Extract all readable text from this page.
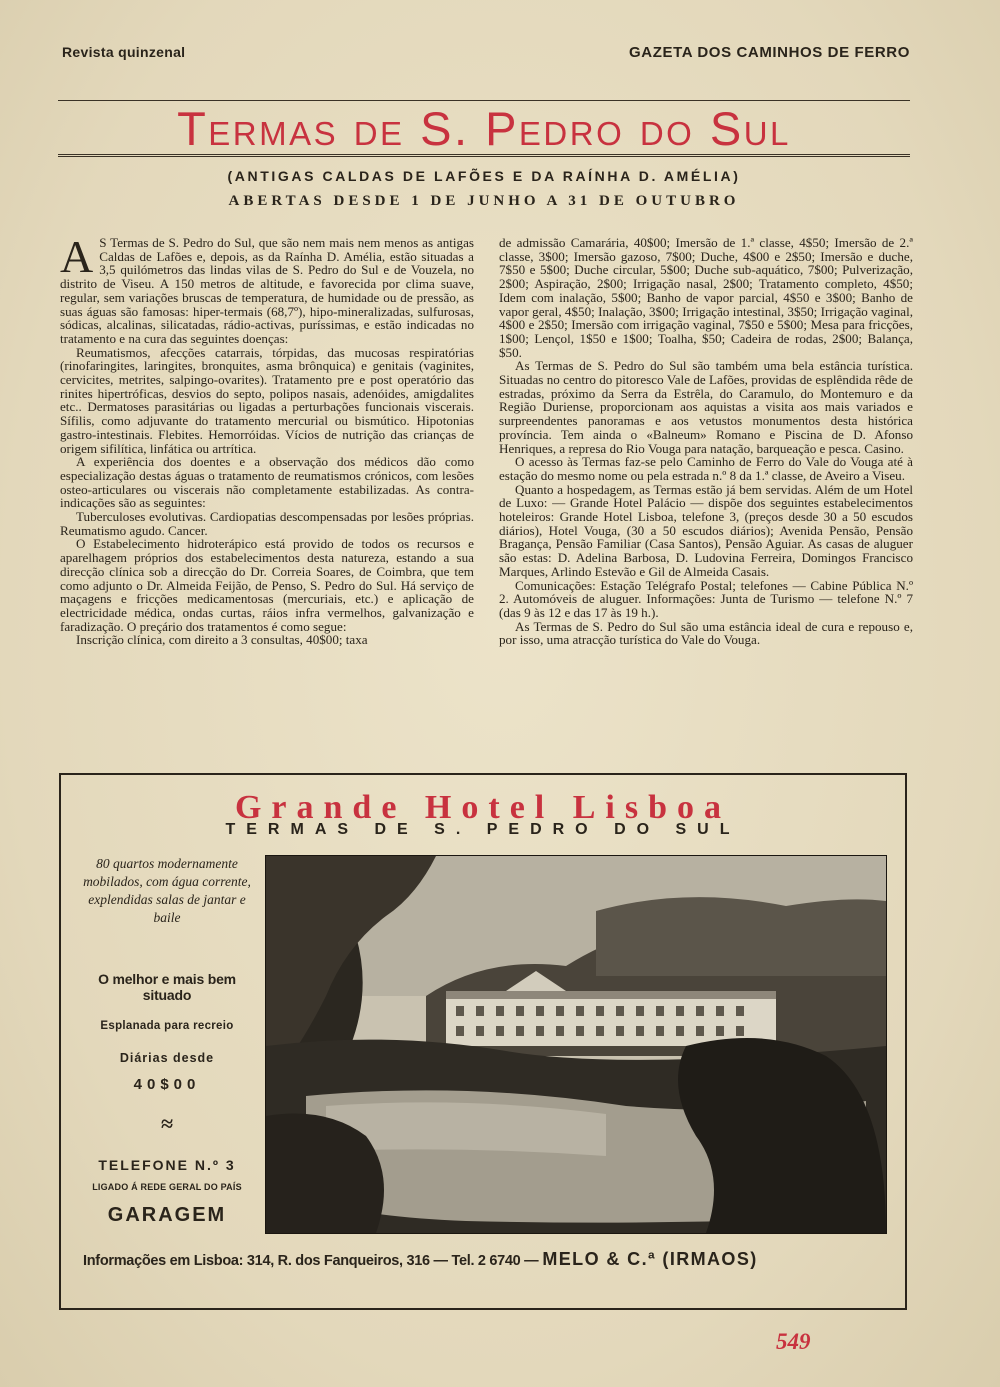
Revista quinzenal	GAZETA DOS CAMINHOS DE FERRO
Termas de S. Pedro do Sul
(ANTIGAS CALDAS DE LAFÕES E DA RAÍNHA D. AMÉLIA)
ABERTAS DESDE 1 DE JUNHO A 31 DE OUTUBRO

A S Termas de S. Pedro do Sul, que são nem mais nem menos as antigas Caldas de Lafões e, depois, as da Raínha D. Amélia, estão situadas a 3,5 quilómetros das lindas vilas de S. Pedro do Sul e de Vouzela, no distrito de Viseu. A 150 metros de altitude, e favorecida por clima suave, regular, sem variações bruscas de temperatura, de humidade ou de pressão, as suas águas são famosas: hiper-termais (68,7º), hipo-mineralizadas, sulfurosas, sódicas, alcalinas, silicatadas, rádio-activas, puríssimas, e estão indicadas no tratamento e na cura das seguintes doenças:

Reumatismos, afecções catarrais, tórpidas, das mucosas respiratórias (rinofaringites, laringites, bronquites, asma brônquica) e genitais (vaginites, cervicites, metrites, salpingo-ovarites). Tratamento pre e post operatório das rinites hipertróficas, desvios do septo, polipos nasais, adenóides, amigdalites etc.. Dermatoses parasitárias ou ligadas a perturbações funcionais viscerais. Sífilis, como adjuvante do tratamento mercurial ou bismútico. Hipotonias gastro-intestinais. Flebites. Hemorróidas. Vícios de nutrição das crianças de origem sifilítica, linfática ou artrítica.

A experiência dos doentes e a observação dos médicos dão como especialização destas águas o tratamento de reumatismos crónicos, com lesões osteo-articulares ou viscerais não completamente estabilizadas. As contra-indicações são as seguintes:

Tuberculoses evolutivas. Cardiopatias descompensadas por lesões próprias. Reumatismo agudo. Cancer.

O Estabelecimento hidroterápico está provido de todos os recursos e aparelhagem próprios dos estabelecimentos desta natureza, estando a sua direcção clínica sob a direcção do Dr. Correia Soares, de Coimbra, que tem como adjunto o Dr. Almeida Feijão, de Penso, S. Pedro do Sul. Há serviço de maçagens e fricções medicamentosas (mercuriais, etc.) e aplicação de electricidade médica, ondas curtas, ráios infra vermelhos, galvanização e faradização. O preçário dos tratamentos é como segue:

Inscrição clínica, com direito a 3 consultas, 40$00; taxa

de admissão Camarária, 40$00; Imersão de 1.ª classe, 4$50; Imersão de 2.ª classe, 3$00; Imersão gazoso, 7$00; Duche, 4$00 e 2$50; Imersão e duche, 7$50 e 5$00; Duche circular, 5$00; Duche sub-aquático, 7$00; Pulverização, 2$00; Aspiração, 2$00; Irrigação nasal, 2$00; Tratamento completo, 4$50; Idem com inalação, 5$00; Banho de vapor parcial, 4$50 e 3$00; Banho de vapor geral, 4$50; Inalação, 3$00; Irrigação intestinal, 3$50; Irrigação vaginal, 4$00 e 2$50; Imersão com irrigação vaginal, 7$50 e 5$00; Mesa para fricções, 1$00; Lençol, 1$50 e 1$00; Toalha, $50; Cadeira de rodas, 2$00; Balança, $50.

As Termas de S. Pedro do Sul são também uma bela estância turística. Situadas no centro do pitoresco Vale de Lafões, providas de esplêndida rêde de estradas, próximo da Serra da Estrêla, do Caramulo, do Montemuro e da Região Duriense, proporcionam aos aquistas a visita aos mais variados e surpreendentes panoramas e aos vetustos monumentos desta histórica província. Tem ainda o «Balneum» Romano e Piscina de D. Afonso Henriques, a represa do Rio Vouga para natação, barqueação e pesca. Casino.

O acesso às Termas faz-se pelo Caminho de Ferro do Vale do Vouga até à estação do mesmo nome ou pela estrada n.º 8 da 1.ª classe, de Aveiro a Viseu.

Quanto a hospedagem, as Termas estão já bem servidas. Além de um Hotel de Luxo: — Grande Hotel Palácio — dispõe dos seguintes estabelecimentos hoteleiros: Grande Hotel Lisboa, telefone 3, (preços desde 30 a 50 escudos diários), Hotel Vouga, (30 a 50 escudos diários); Avenida Pensão, Pensão Bragança, Pensão Familiar (Casa Santos), Pensão Aguiar. As casas de aluguer são estas: D. Adelina Barbosa, D. Ludovina Ferreira, Domingos Francisco Marques, Arlindo Estevão e Gil de Almeida Casais.

Comunicações: Estação Telégrafo Postal; telefones — Cabine Pública N.º 2. Automóveis de aluguer. Informações: Junta de Turismo — telefone N.º 7 (das 9 às 12 e das 17 às 19 h.).

As Termas de S. Pedro do Sul são uma estância ideal de cura e repouso e, por isso, uma atracção turística do Vale do Vouga.

Grande Hotel Lisboa
TERMAS DE S. PEDRO DO SUL
80 quartos modernamente mobilados, com água corrente, explendidas salas de jantar e baile
O melhor e mais bem situado
Esplanada para recreio
Diárias desde
40$00
≈
TELEFONE N.º 3
LIGADO Á REDE GERAL DO PAÍS
GARAGEM
Informações em Lisboa: 314, R. dos Fanqueiros, 316 — Tel. 2 6740 — MELO & C.ª (IRMAOS)
549
